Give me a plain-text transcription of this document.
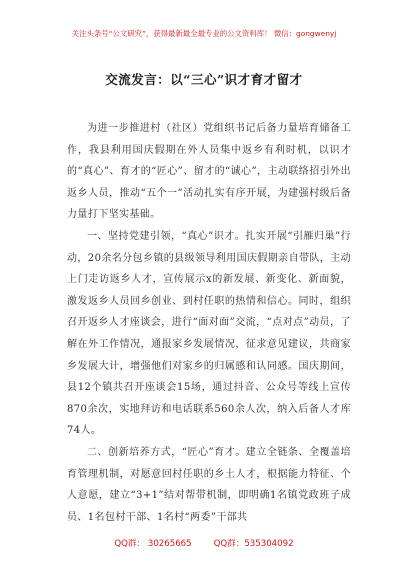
关注头条号“公文研究”，获得最新最全最专业的公文资料库！ 微信：gongwenyj
交流发言：以“三心”识才育才留才

为进一步推进村（社区）党组织书记后备力量培育储备工作，我县利用国庆假期在外人员集中返乡有利时机，以识才的“真心”、育才的“匠心”、留才的“诚心”，主动联络招引外出返乡人员，推动“五个一”活动扎实有序开展，为建强村级后备力量打下坚实基础。

一、坚持党建引领，“真心”识才。扎实开展“引雁归巢”行动，20余名分包乡镇的县级领导利用国庆假期亲自带队，主动上门走访返乡人才，宣传展示x的新发展、新变化、新面貌，激发返乡人员回乡创业、到村任职的热情和信心。同时，组织召开返乡人才座谈会，进行“面对面”交流，“点对点”动员，了解在外工作情况，通报家乡发展情况，征求意见建议，共商家乡发展大计，增强他们对家乡的归属感和认同感。国庆期间，县12个镇共召开座谈会15场，通过抖音、公众号等线上宣传870余次，实地拜访和电话联系560余人次，纳入后备人才库74人。

二、创新培养方式，“匠心”育才。建立全链条、全覆盖培育管理机制，对愿意回村任职的乡土人才，根据能力特征、个人意愿，建立“3+1”结对帮带机制，即明确1名镇党政班子成员、1名包村干部、1名村“两委”干部共

QQ群： 30265665	QQ群：535304092
